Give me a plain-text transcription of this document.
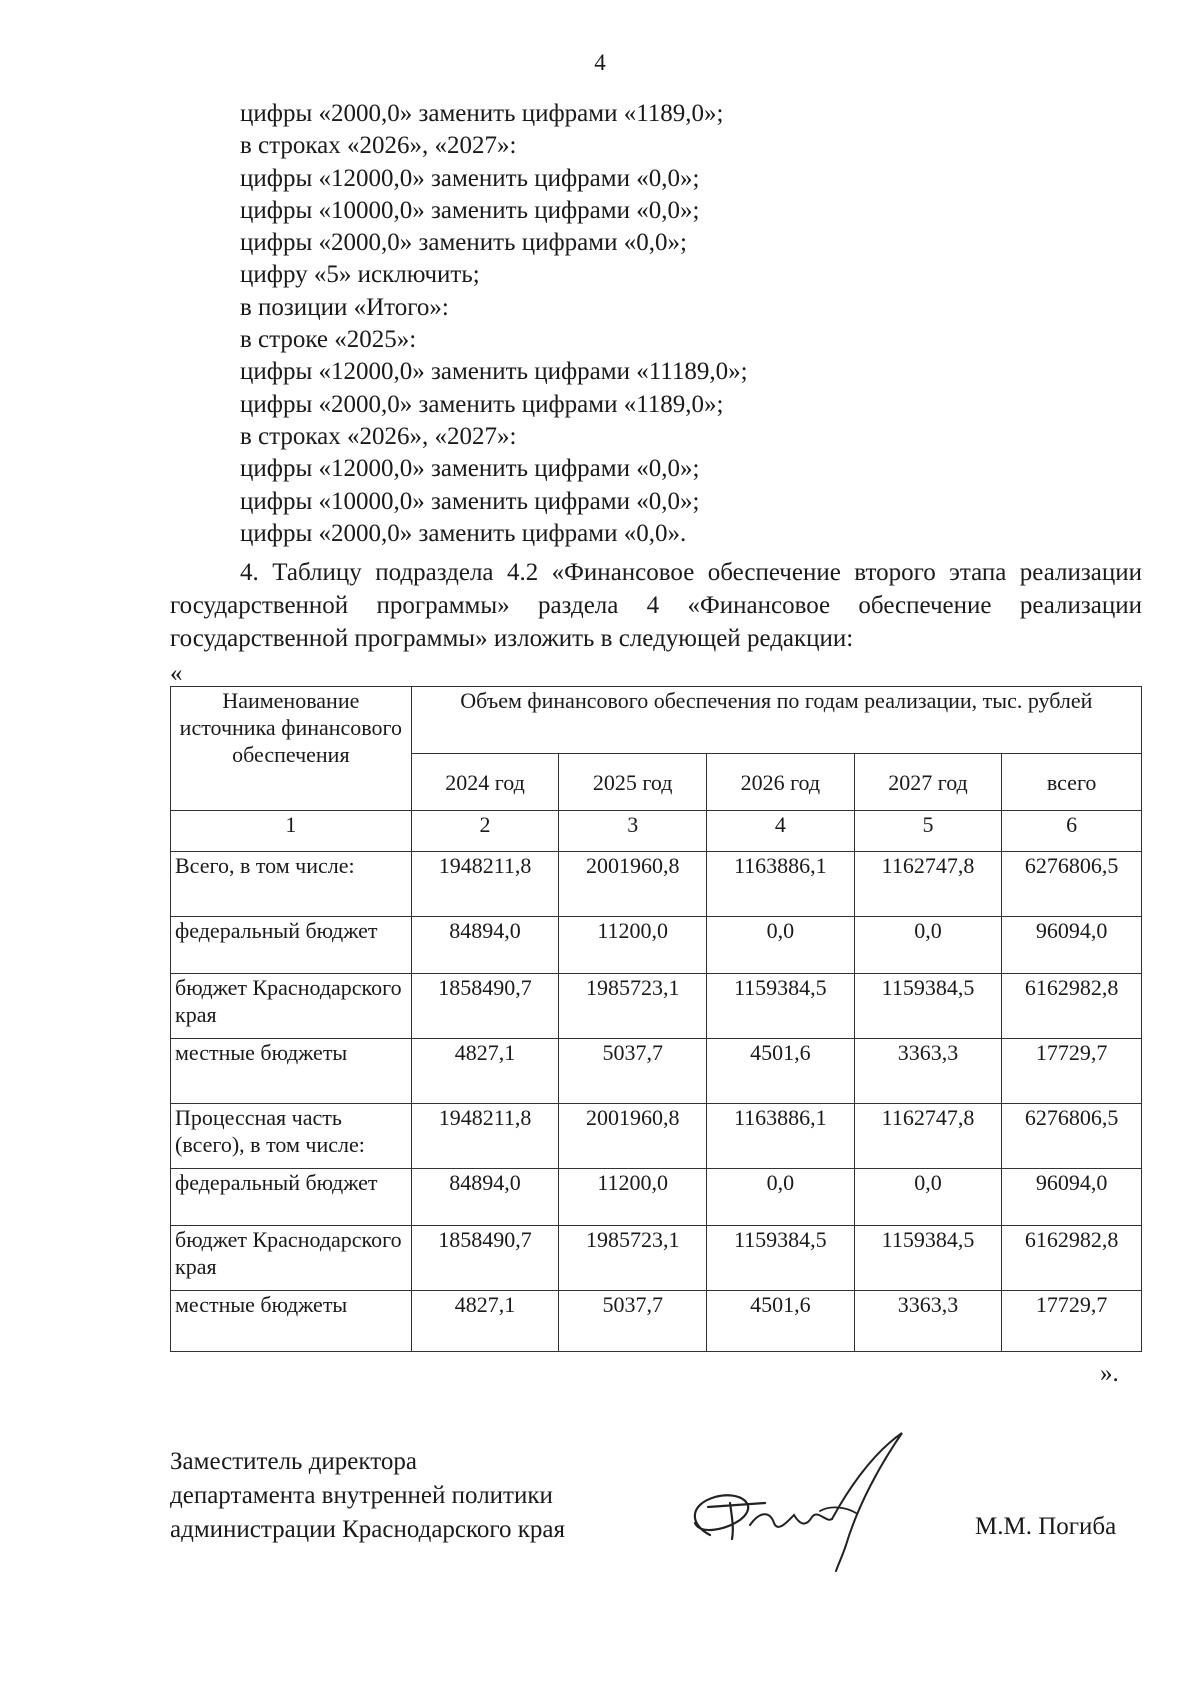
4
цифры «2000,0» заменить цифрами «1189,0»;
в строках «2026», «2027»:
цифры «12000,0» заменить цифрами «0,0»;
цифры «10000,0» заменить цифрами «0,0»;
цифры «2000,0» заменить цифрами «0,0»;
цифру «5» исключить;
в позиции «Итого»:
в строке «2025»:
цифры «12000,0» заменить цифрами «11189,0»;
цифры «2000,0» заменить цифрами «1189,0»;
в строках «2026», «2027»:
цифры «12000,0» заменить цифрами «0,0»;
цифры «10000,0» заменить цифрами «0,0»;
цифры «2000,0» заменить цифрами «0,0».
4. Таблицу подраздела 4.2 «Финансовое обеспечение второго этапа реализации государственной программы» раздела 4 «Финансовое обеспечение реализации государственной программы» изложить в следующей редакции:
«
Наименование источника финансового обеспечения	Объем финансового обеспечения по годам реализации, тыс. рублей				
	2024 год	2025 год	2026 год	2027 год	всего
1	2	3	4	5	6
Всего, в том числе:	1948211,8	2001960,8	1163886,1	1162747,8	6276806,5
федеральный бюджет	84894,0	11200,0	0,0	0,0	96094,0
бюджет Краснодарского края	1858490,7	1985723,1	1159384,5	1159384,5	6162982,8
местные бюджеты	4827,1	5037,7	4501,6	3363,3	17729,7
Процессная часть (всего), в том числе:	1948211,8	2001960,8	1163886,1	1162747,8	6276806,5
федеральный бюджет	84894,0	11200,0	0,0	0,0	96094,0
бюджет Краснодарского края	1858490,7	1985723,1	1159384,5	1159384,5	6162982,8
местные бюджеты	4827,1	5037,7	4501,6	3363,3	17729,7
».
Заместитель директора
департамента внутренней политики
администрации Краснодарского края	М.М. Погиба
